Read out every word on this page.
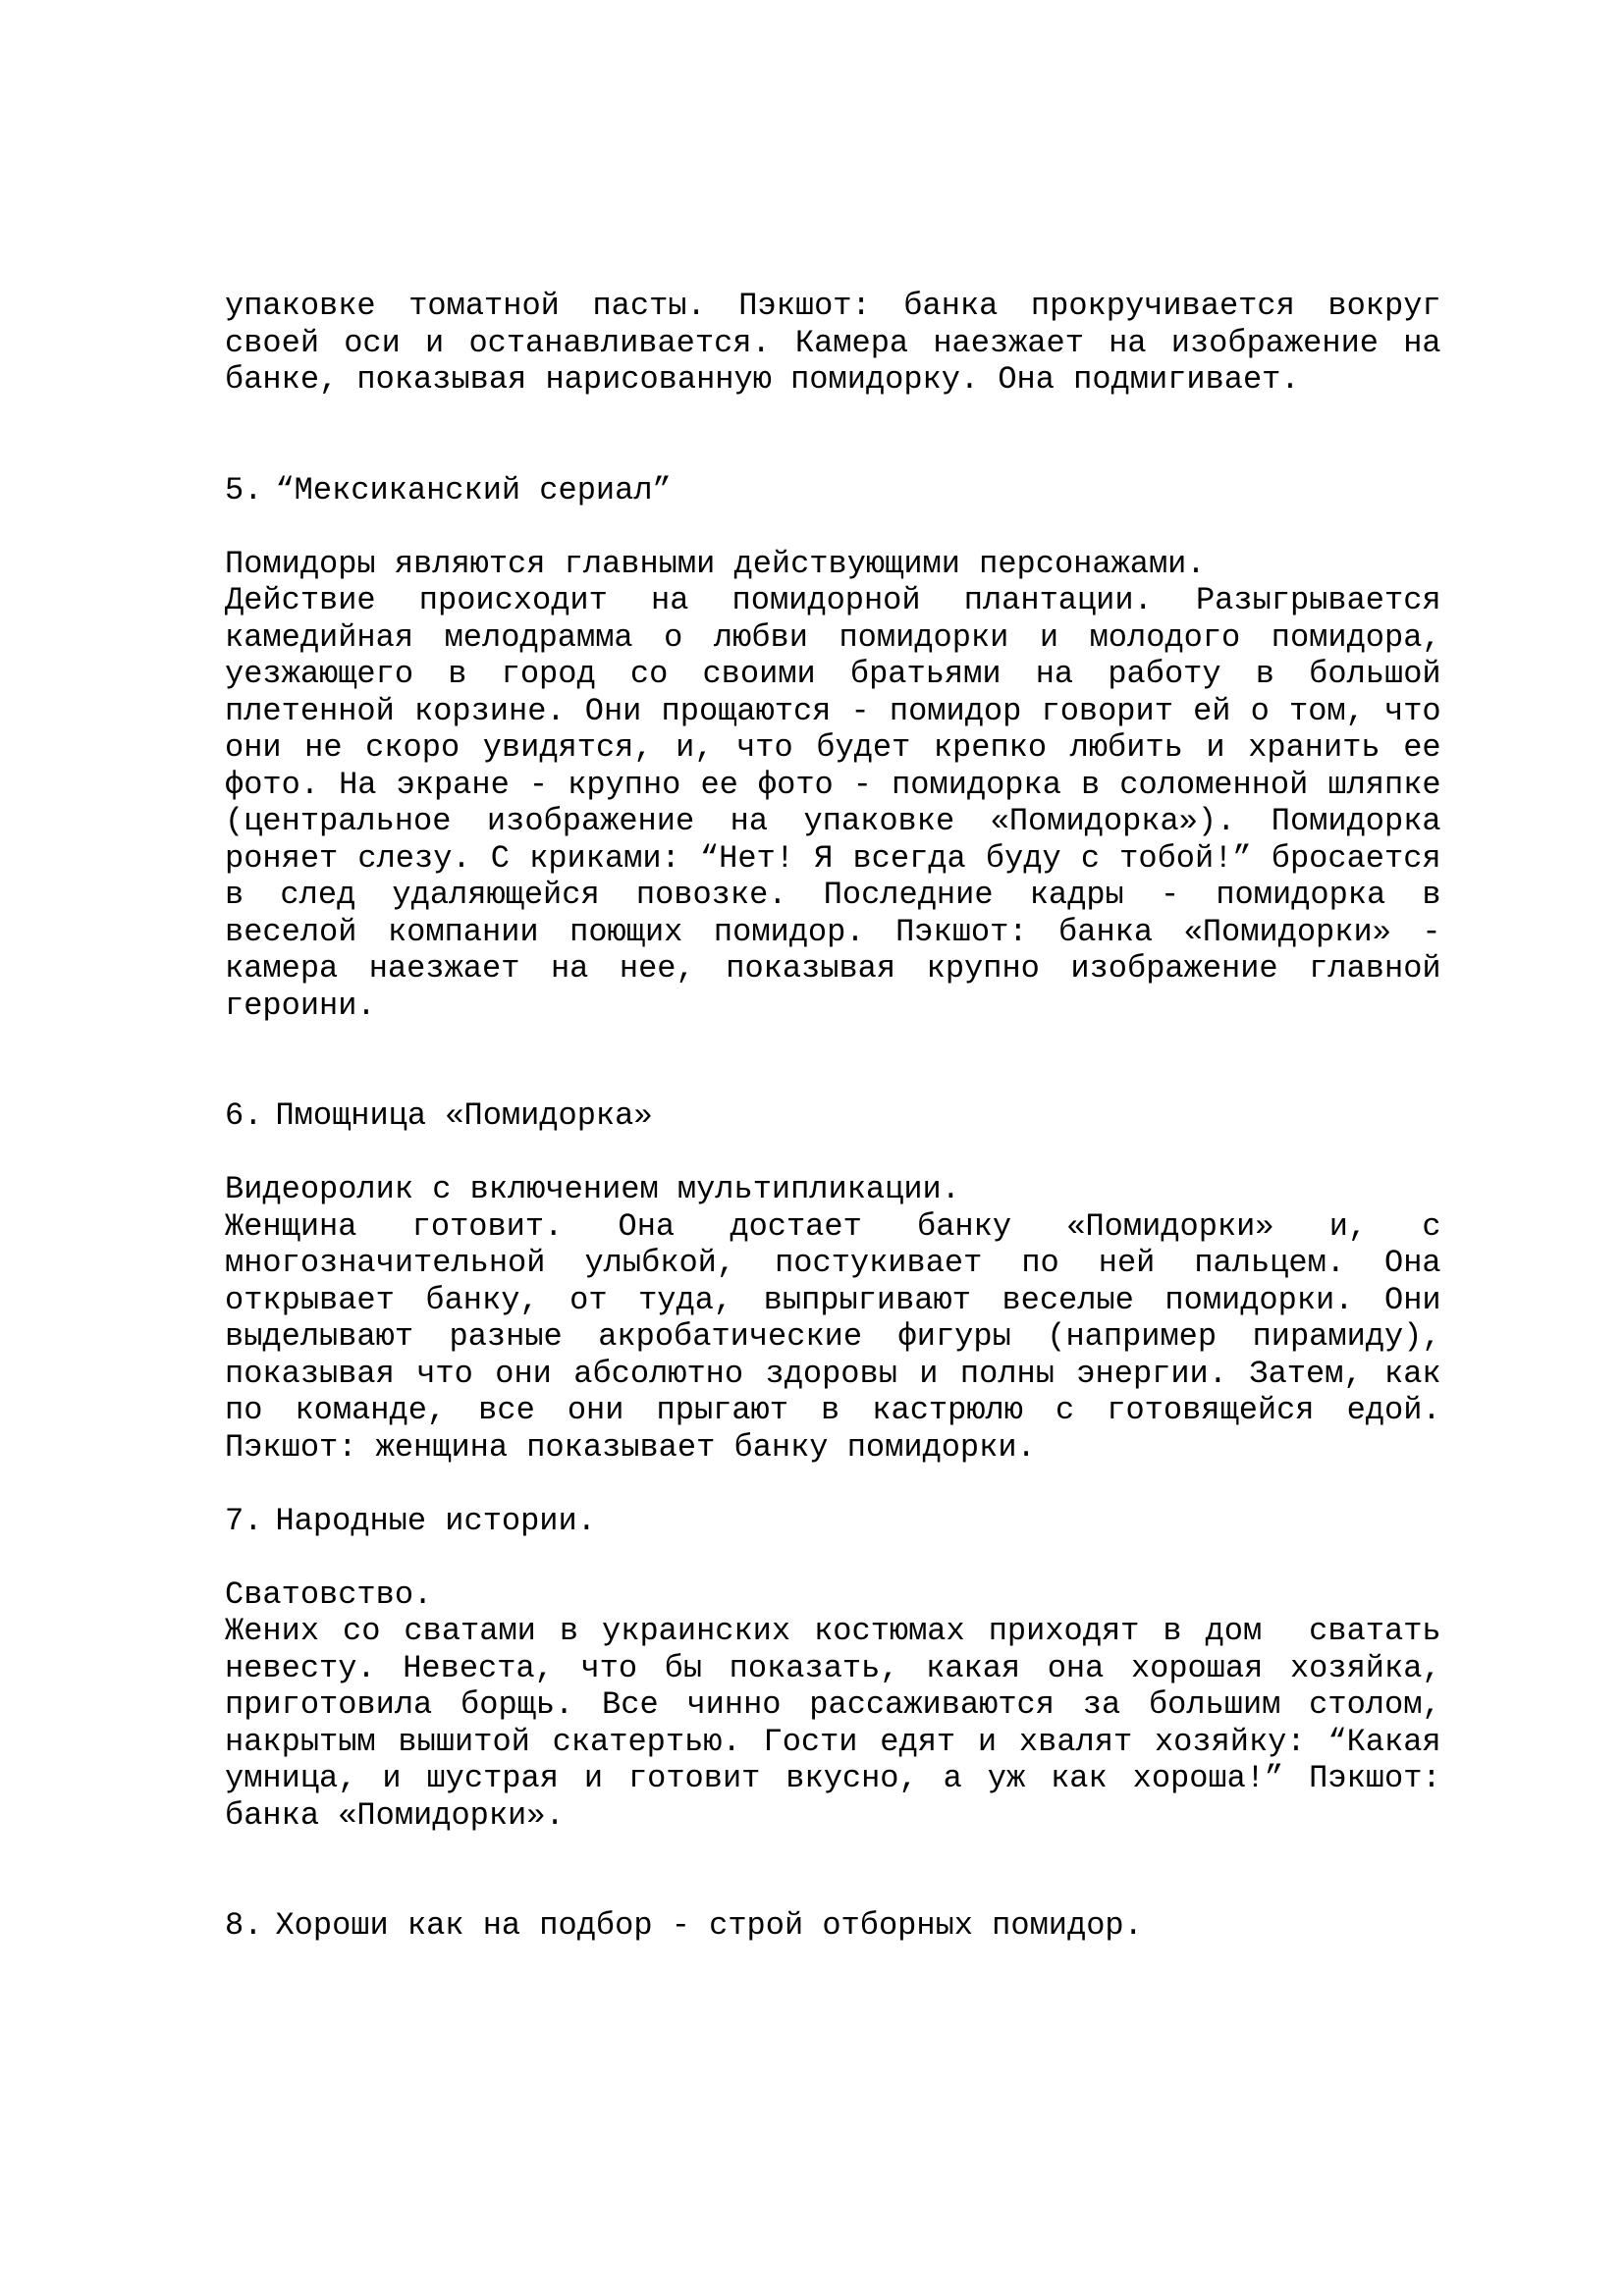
упаковке томатной пасты. Пэкшот: банка прокручивается вокруг своей оси и останавливается. Камера наезжает на изображение на банке, показывая нарисованную помидорку. Она подмигивает.
5. “Мексиканский сериал”
Помидоры являются главными действующими персонажами.
Действие происходит на помидорной плантации. Разыгрывается камедийная мелодрамма о любви помидорки и молодого помидора, уезжающего в город со своими братьями на работу в большой плетенной корзине. Они прощаются - помидор говорит ей о том, что они не скоро увидятся, и, что будет крепко любить и хранить ее фото. На экране - крупно ее фото - помидорка в соломенной шляпке (центральное изображение на упаковке «Помидорка»). Помидорка роняет слезу. С криками: “Нет! Я всегда буду с тобой!” бросается в след удаляющейся повозке. Последние кадры - помидорка в веселой компании поющих помидор. Пэкшот: банка «Помидорки» - камера наезжает на нее, показывая крупно изображение главной героини.
6. Пмощница «Помидорка»
Видеоролик с включением мультипликации.
Женщина готовит. Она достает банку «Помидорки» и, с многозначительной улыбкой, постукивает по ней пальцем. Она открывает банку, от туда, выпрыгивают веселые помидорки. Они выделывают разные акробатические фигуры (например пирамиду), показывая что они абсолютно здоровы и полны энергии. Затем, как по команде, все они прыгают в кастрюлю с готовящейся едой. Пэкшот: женщина показывает банку помидорки.
7. Народные истории.
Сватовство.
Жених со сватами в украинских костюмах приходят в дом  сватать невесту. Невеста, что бы показать, какая она хорошая хозяйка, приготовила борщь. Все чинно рассаживаются за большим столом, накрытым вышитой скатертью. Гости едят и хвалят хозяйку: “Какая умница, и шустрая и готовит вкусно, а уж как хороша!” Пэкшот: банка «Помидорки».
8. Хороши как на подбор - строй отборных помидор.
